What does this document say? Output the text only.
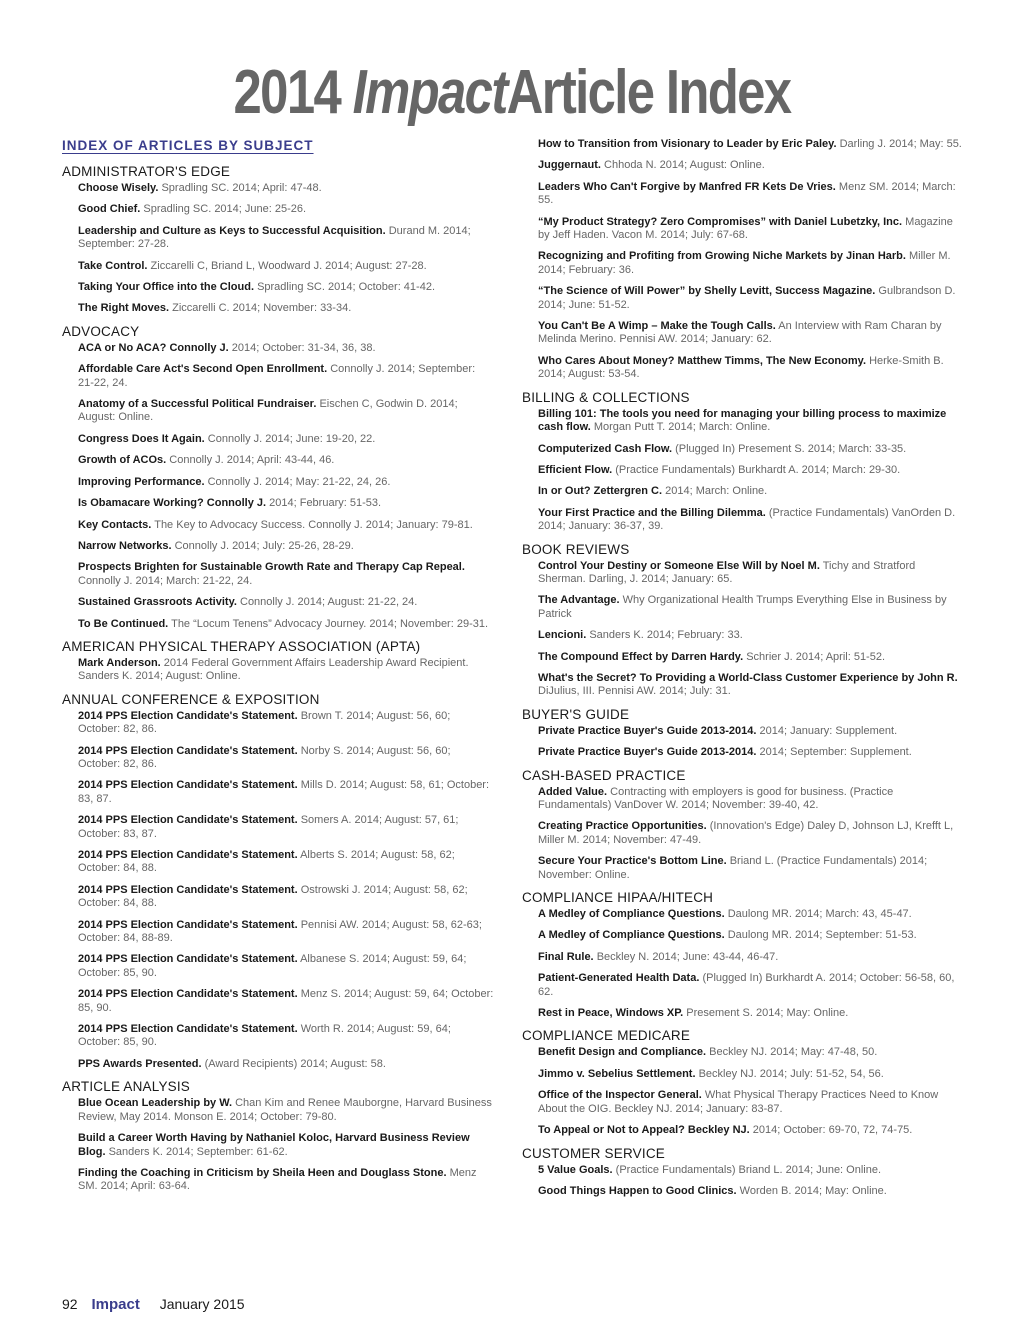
2014 ImpactArticle Index
INDEX OF ARTICLES BY SUBJECT
ADMINISTRATOR'S EDGE
Choose Wisely. Spradling SC. 2014; April: 47-48.
Good Chief. Spradling SC. 2014; June: 25-26.
Leadership and Culture as Keys to Successful Acquisition. Durand M. 2014; September: 27-28.
Take Control. Ziccarelli C, Briand L, Woodward J. 2014; August: 27-28.
Taking Your Office into the Cloud. Spradling SC. 2014; October: 41-42.
The Right Moves. Ziccarelli C. 2014; November: 33-34.
ADVOCACY
ACA or No ACA? Connolly J. 2014; October: 31-34, 36, 38.
Affordable Care Act's Second Open Enrollment. Connolly J. 2014; September: 21-22, 24.
Anatomy of a Successful Political Fundraiser. Eischen C, Godwin D. 2014; August: Online.
Congress Does It Again. Connolly J. 2014; June: 19-20, 22.
Growth of ACOs. Connolly J. 2014; April: 43-44, 46.
Improving Performance. Connolly J. 2014; May: 21-22, 24, 26.
Is Obamacare Working? Connolly J. 2014; February: 51-53.
Key Contacts. The Key to Advocacy Success. Connolly J. 2014; January: 79-81.
Narrow Networks. Connolly J. 2014; July: 25-26, 28-29.
Prospects Brighten for Sustainable Growth Rate and Therapy Cap Repeal. Connolly J. 2014; March: 21-22, 24.
Sustained Grassroots Activity. Connolly J. 2014; August: 21-22, 24.
To Be Continued. The “Locum Tenens” Advocacy Journey. 2014; November: 29-31.
AMERICAN PHYSICAL THERAPY ASSOCIATION (APTA)
Mark Anderson. 2014 Federal Government Affairs Leadership Award Recipient. Sanders K. 2014; August: Online.
ANNUAL CONFERENCE & EXPOSITION
2014 PPS Election Candidate's Statement. Brown T. 2014; August: 56, 60; October: 82, 86.
2014 PPS Election Candidate's Statement. Norby S. 2014; August: 56, 60; October: 82, 86.
2014 PPS Election Candidate's Statement. Mills D. 2014; August: 58, 61; October: 83, 87.
2014 PPS Election Candidate's Statement. Somers A. 2014; August: 57, 61; October: 83, 87.
2014 PPS Election Candidate's Statement. Alberts S. 2014; August: 58, 62; October: 84, 88.
2014 PPS Election Candidate's Statement. Ostrowski J. 2014; August: 58, 62; October: 84, 88.
2014 PPS Election Candidate's Statement. Pennisi AW. 2014; August: 58, 62-63; October: 84, 88-89.
2014 PPS Election Candidate's Statement. Albanese S. 2014; August: 59, 64; October: 85, 90.
2014 PPS Election Candidate's Statement. Menz S. 2014; August: 59, 64; October: 85, 90.
2014 PPS Election Candidate's Statement. Worth R. 2014; August: 59, 64; October: 85, 90.
PPS Awards Presented. (Award Recipients) 2014; August: 58.
ARTICLE ANALYSIS
Blue Ocean Leadership by W. Chan Kim and Renee Mauborgne, Harvard Business Review, May 2014. Monson E. 2014; October: 79-80.
Build a Career Worth Having by Nathaniel Koloc, Harvard Business Review Blog. Sanders K. 2014; September: 61-62.
Finding the Coaching in Criticism by Sheila Heen and Douglass Stone. Menz SM. 2014; April: 63-64.
How to Transition from Visionary to Leader by Eric Paley. Darling J. 2014; May: 55.
Juggernaut. Chhoda N. 2014; August: Online.
Leaders Who Can't Forgive by Manfred FR Kets De Vries. Menz SM. 2014; March: 55.
“My Product Strategy? Zero Compromises” with Daniel Lubetzky, Inc. Magazine by Jeff Haden. Vacon M. 2014; July: 67-68.
Recognizing and Profiting from Growing Niche Markets by Jinan Harb. Miller M. 2014; February: 36.
“The Science of Will Power” by Shelly Levitt, Success Magazine. Gulbrandson D. 2014; June: 51-52.
You Can't Be A Wimp – Make the Tough Calls. An Interview with Ram Charan by Melinda Merino. Pennisi AW. 2014; January: 62.
Who Cares About Money? Matthew Timms, The New Economy. Herke-Smith B. 2014; August: 53-54.
BILLING & COLLECTIONS
Billing 101: The tools you need for managing your billing process to maximize cash flow. Morgan Putt T. 2014; March: Online.
Computerized Cash Flow. (Plugged In) Presement S. 2014; March: 33-35.
Efficient Flow. (Practice Fundamentals) Burkhardt A. 2014; March: 29-30.
In or Out? Zettergren C. 2014; March: Online.
Your First Practice and the Billing Dilemma. (Practice Fundamentals) VanOrden D. 2014; January: 36-37, 39.
BOOK REVIEWS
Control Your Destiny or Someone Else Will by Noel M. Tichy and Stratford Sherman. Darling, J. 2014; January: 65.
The Advantage. Why Organizational Health Trumps Everything Else in Business by Patrick
Lencioni. Sanders K. 2014; February: 33.
The Compound Effect by Darren Hardy. Schrier J. 2014; April: 51-52.
What's the Secret? To Providing a World-Class Customer Experience by John R. DiJulius, III. Pennisi AW. 2014; July: 31.
BUYER'S GUIDE
Private Practice Buyer's Guide 2013-2014. 2014; January: Supplement.
Private Practice Buyer's Guide 2013-2014. 2014; September: Supplement.
CASH-BASED PRACTICE
Added Value. Contracting with employers is good for business. (Practice Fundamentals) VanDover W. 2014; November: 39-40, 42.
Creating Practice Opportunities. (Innovation's Edge) Daley D, Johnson LJ, Krefft L, Miller M. 2014; November: 47-49.
Secure Your Practice's Bottom Line. Briand L. (Practice Fundamentals) 2014; November: Online.
COMPLIANCE HIPAA/HITECH
A Medley of Compliance Questions. Daulong MR. 2014; March: 43, 45-47.
A Medley of Compliance Questions. Daulong MR. 2014; September: 51-53.
Final Rule. Beckley N. 2014; June: 43-44, 46-47.
Patient-Generated Health Data. (Plugged In) Burkhardt A. 2014; October: 56-58, 60, 62.
Rest in Peace, Windows XP. Presement S. 2014; May: Online.
COMPLIANCE MEDICARE
Benefit Design and Compliance. Beckley NJ. 2014; May: 47-48, 50.
Jimmo v. Sebelius Settlement. Beckley NJ. 2014; July: 51-52, 54, 56.
Office of the Inspector General. What Physical Therapy Practices Need to Know About the OIG. Beckley NJ. 2014; January: 83-87.
To Appeal or Not to Appeal? Beckley NJ. 2014; October: 69-70, 72, 74-75.
CUSTOMER SERVICE
5 Value Goals. (Practice Fundamentals) Briand L. 2014; June: Online.
Good Things Happen to Good Clinics. Worden B. 2014; May: Online.
92 Impact January 2015
